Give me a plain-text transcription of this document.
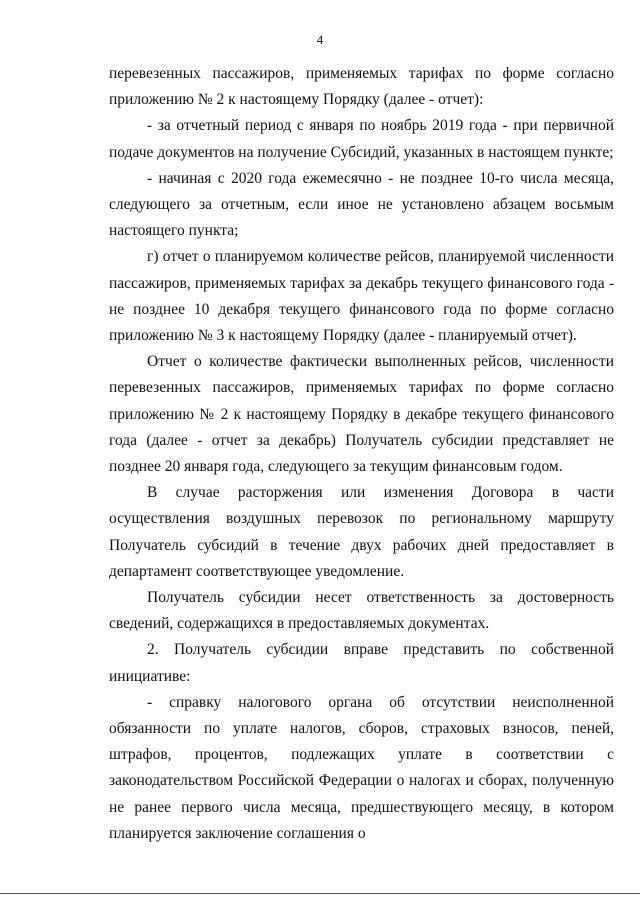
4

перевезенных пассажиров, применяемых тарифах по форме согласно приложению № 2 к настоящему Порядку (далее - отчет):

- за отчетный период с января по ноябрь 2019 года - при первичной подаче документов на получение Субсидий, указанных в настоящем пункте;

- начиная с 2020 года ежемесячно - не позднее 10-го числа месяца, следующего за отчетным, если иное не установлено абзацем восьмым настоящего пункта;

г) отчет о планируемом количестве рейсов, планируемой численности пассажиров, применяемых тарифах за декабрь текущего финансового года - не позднее 10 декабря текущего финансового года по форме согласно приложению № 3 к настоящему Порядку (далее - планируемый отчет).

Отчет о количестве фактически выполненных рейсов, численности перевезенных пассажиров, применяемых тарифах по форме согласно приложению № 2 к настоящему Порядку в декабре текущего финансового года (далее - отчет за декабрь) Получатель субсидии представляет не позднее 20 января года, следующего за текущим финансовым годом.

В случае расторжения или изменения Договора в части осуществления воздушных перевозок по региональному маршруту Получатель субсидий в течение двух рабочих дней предоставляет в департамент соответствующее уведомление.

Получатель субсидии несет ответственность за достоверность сведений, содержащихся в предоставляемых документах.

2. Получатель субсидии вправе представить по собственной инициативе:

- справку налогового органа об отсутствии неисполненной обязанности по уплате налогов, сборов, страховых взносов, пеней, штрафов, процентов, подлежащих уплате в соответствии с законодательством Российской Федерации о налогах и сборах, полученную не ранее первого числа месяца, предшествующего месяцу, в котором планируется заключение соглашения о
